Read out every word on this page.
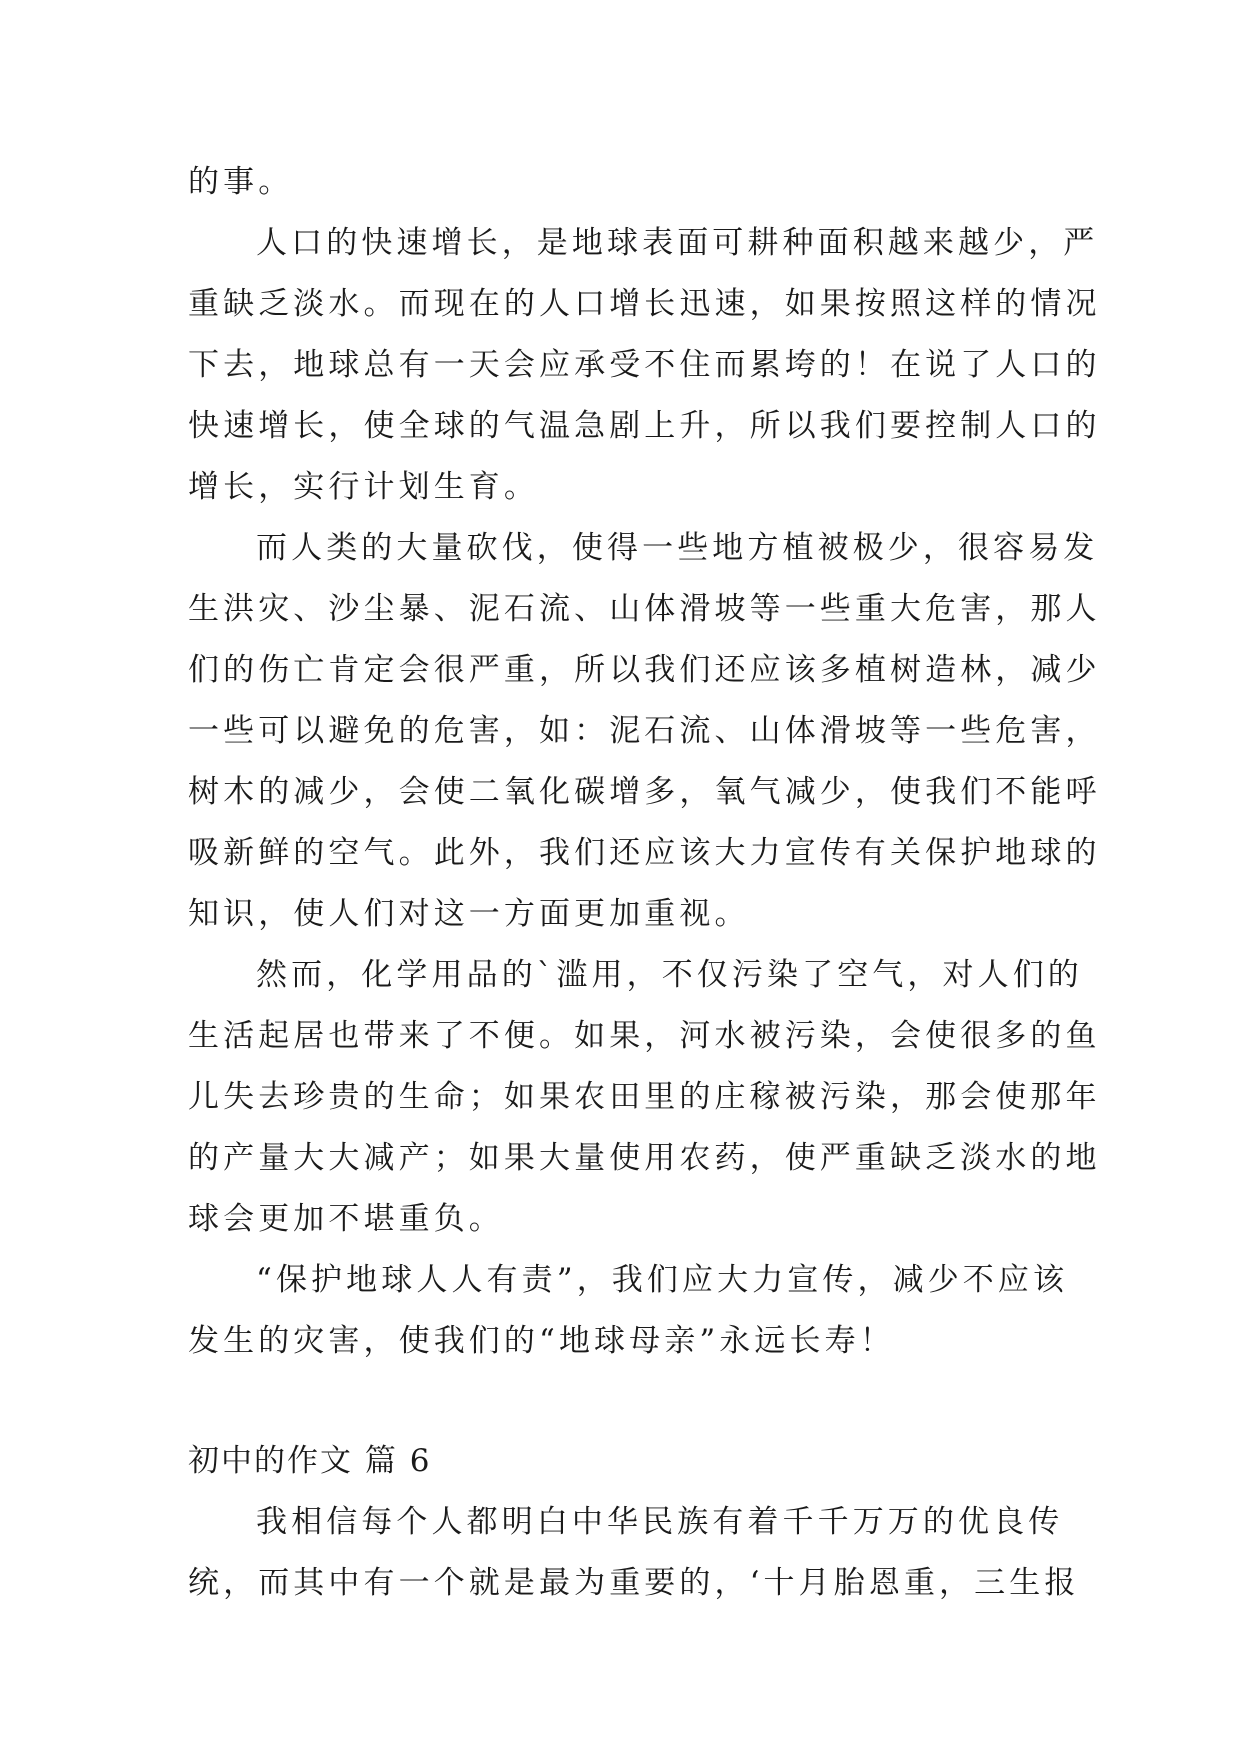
的事。
人口的快速增长，是地球表面可耕种面积越来越少，严
重缺乏淡水。而现在的人口增长迅速，如果按照这样的情况
下去，地球总有一天会应承受不住而累垮的！在说了人口的
快速增长，使全球的气温急剧上升，所以我们要控制人口的
增长，实行计划生育。
而人类的大量砍伐，使得一些地方植被极少，很容易发
生洪灾、沙尘暴、泥石流、山体滑坡等一些重大危害，那人
们的伤亡肯定会很严重，所以我们还应该多植树造林，减少
一些可以避免的危害，如：泥石流、山体滑坡等一些危害，
树木的减少，会使二氧化碳增多，氧气减少，使我们不能呼
吸新鲜的空气。此外，我们还应该大力宣传有关保护地球的
知识，使人们对这一方面更加重视。
然而，化学用品的`滥用，不仅污染了空气，对人们的
生活起居也带来了不便。如果，河水被污染，会使很多的鱼
儿失去珍贵的生命；如果农田里的庄稼被污染，那会使那年
的产量大大减产；如果大量使用农药，使严重缺乏淡水的地
球会更加不堪重负。
“保护地球人人有责”，我们应大力宣传，减少不应该
发生的灾害，使我们的“地球母亲”永远长寿！
初中的作文 篇 6
我相信每个人都明白中华民族有着千千万万的优良传
统，而其中有一个就是最为重要的，‘十月胎恩重，三生报
